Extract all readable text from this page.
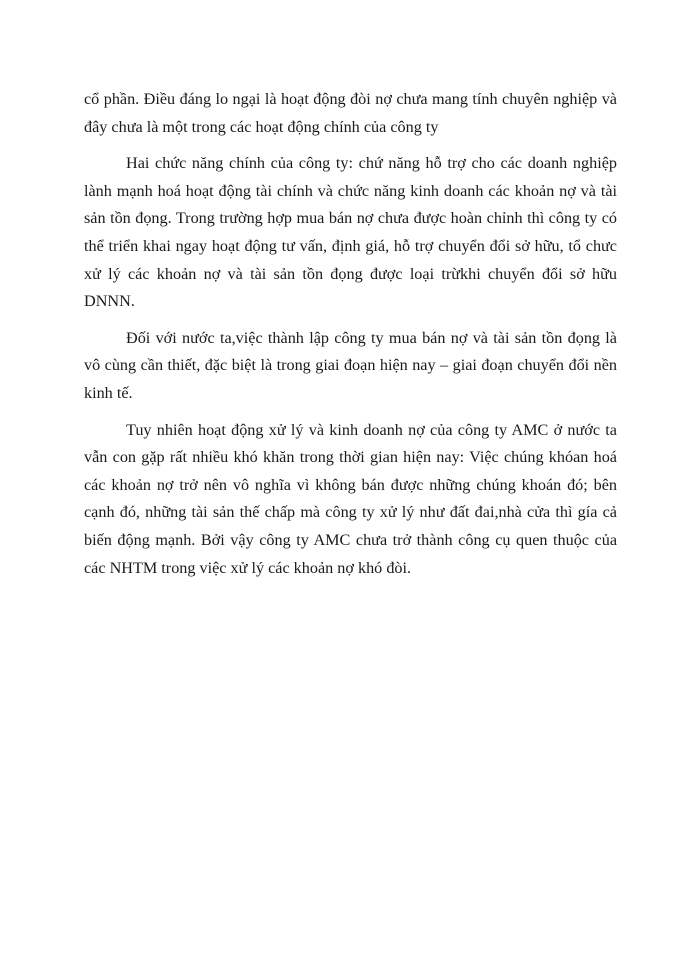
cổ phần. Điều đáng lo ngại là hoạt động đòi nợ chưa mang tính chuyên nghiệp và đây chưa là một trong các hoạt động chính của công ty

Hai chức năng chính của công ty: chứ năng hỗ trợ cho các doanh nghiệp lành mạnh hoá hoạt động tài chính và chức năng kinh doanh các khoản nợ và tài sản tồn đọng. Trong trường hợp mua bán nợ chưa được hoàn chỉnh thì công ty có thể triển khai ngay hoạt động tư vấn, định giá, hỗ trợ chuyển đổi sở hữu, tổ chưc xử lý các khoản nợ và tài sản tồn đọng được loại trừkhi chuyển đổi sở hữu DNNN.

Đối với nước ta,việc thành lập công ty mua bán nợ và tài sản tồn đọng là vô cùng cần thiết, đặc biệt là trong giai đoạn hiện nay – giai đoạn chuyển đổi nền kinh tế.

Tuy nhiên hoạt động xử lý và kinh doanh nợ của công ty AMC ở nước ta vẫn con gặp rất nhiều khó khăn trong thời gian hiện nay: Việc chúng khóan hoá các khoản nợ trở nên vô nghĩa vì không bán được những chúng khoán đó; bên cạnh đó, những tài sản thế chấp mà công ty xử lý như đất đai,nhà cửa thì gía cả biến động mạnh. Bởi vậy công ty AMC chưa trở thành công cụ quen thuộc của các NHTM trong việc xử lý các khoản nợ khó đòi.
